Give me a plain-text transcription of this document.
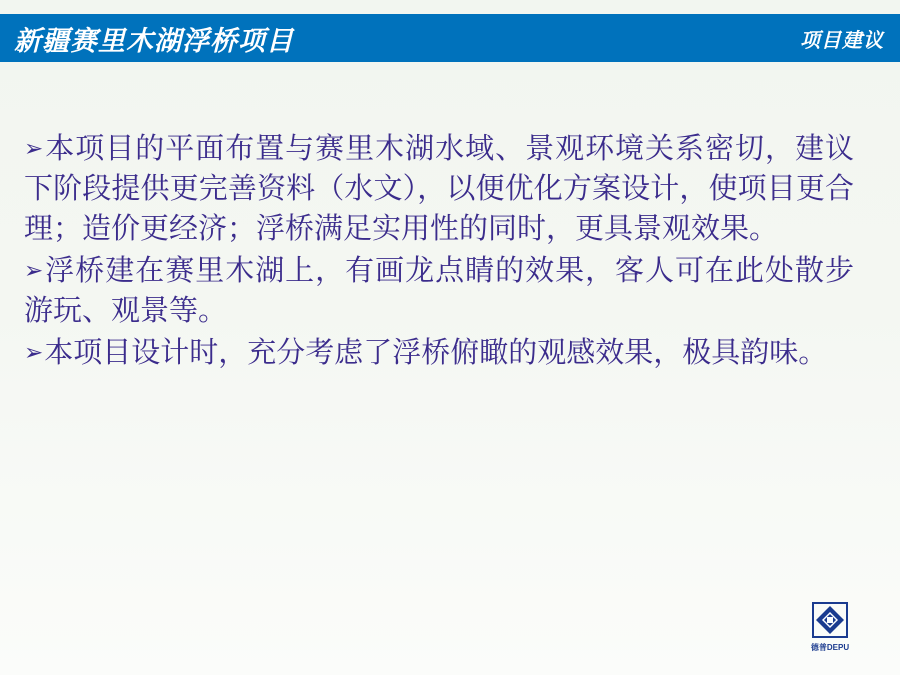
新疆赛里木湖浮桥项目	项目建议

➢本项目的平面布置与赛里木湖水域、景观环境关系密切，建议下阶段提供更完善资料（水文），以便优化方案设计，使项目更合理；造价更经济；浮桥满足实用性的同时，更具景观效果。

➢浮桥建在赛里木湖上，有画龙点睛的效果，客人可在此处散步游玩、观景等。

➢本项目设计时，充分考虑了浮桥俯瞰的观感效果，极具韵味。

德普DEPU
